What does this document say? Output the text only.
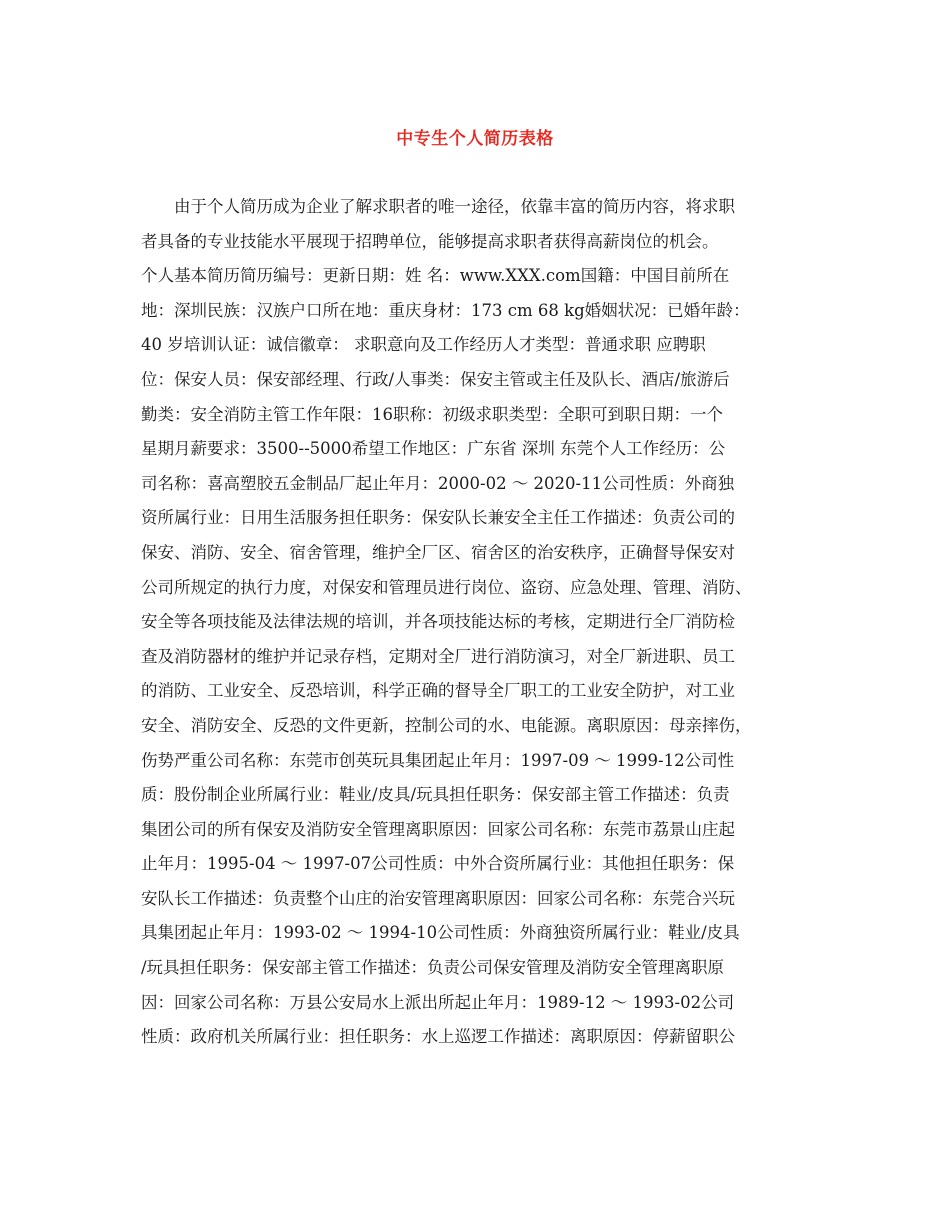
中专生个人简历表格
由于个人简历成为企业了解求职者的唯一途径，依靠丰富的简历内容，将求职
者具备的专业技能水平展现于招聘单位，能够提高求职者获得高薪岗位的机会。
个人基本简历简历编号：更新日期：姓 名：www.XXX.com国籍：中国目前所在
地：深圳民族：汉族户口所在地：重庆身材：173 cm 68 kg婚姻状况：已婚年龄：
40 岁培训认证：诚信徽章： 求职意向及工作经历人才类型：普通求职 应聘职
位：保安人员：保安部经理、行政/人事类：保安主管或主任及队长、酒店/旅游后
勤类：安全消防主管工作年限：16职称：初级求职类型：全职可到职日期：一个
星期月薪要求：3500--5000希望工作地区：广东省 深圳 东莞个人工作经历：公
司名称：喜高塑胶五金制品厂起止年月：2000-02 ～ 2020-11公司性质：外商独
资所属行业：日用生活服务担任职务：保安队长兼安全主任工作描述：负责公司的
保安、消防、安全、宿舍管理，维护全厂区、宿舍区的治安秩序，正确督导保安对
公司所规定的执行力度，对保安和管理员进行岗位、盗窃、应急处理、管理、消防、
安全等各项技能及法律法规的培训，并各项技能达标的考核，定期进行全厂消防检
查及消防器材的维护并记录存档，定期对全厂进行消防演习，对全厂新进职、员工
的消防、工业安全、反恐培训，科学正确的督导全厂职工的工业安全防护，对工业
安全、消防安全、反恐的文件更新，控制公司的水、电能源。离职原因：母亲摔伤，
伤势严重公司名称：东莞市创英玩具集团起止年月：1997-09 ～ 1999-12公司性
质：股份制企业所属行业：鞋业/皮具/玩具担任职务：保安部主管工作描述：负责
集团公司的所有保安及消防安全管理离职原因：回家公司名称：东莞市荔景山庄起
止年月：1995-04 ～ 1997-07公司性质：中外合资所属行业：其他担任职务：保
安队长工作描述：负责整个山庄的治安管理离职原因：回家公司名称：东莞合兴玩
具集团起止年月：1993-02 ～ 1994-10公司性质：外商独资所属行业：鞋业/皮具
/玩具担任职务：保安部主管工作描述：负责公司保安管理及消防安全管理离职原
因：回家公司名称：万县公安局水上派出所起止年月：1989-12 ～ 1993-02公司
性质：政府机关所属行业：担任职务：水上巡逻工作描述：离职原因：停薪留职公
